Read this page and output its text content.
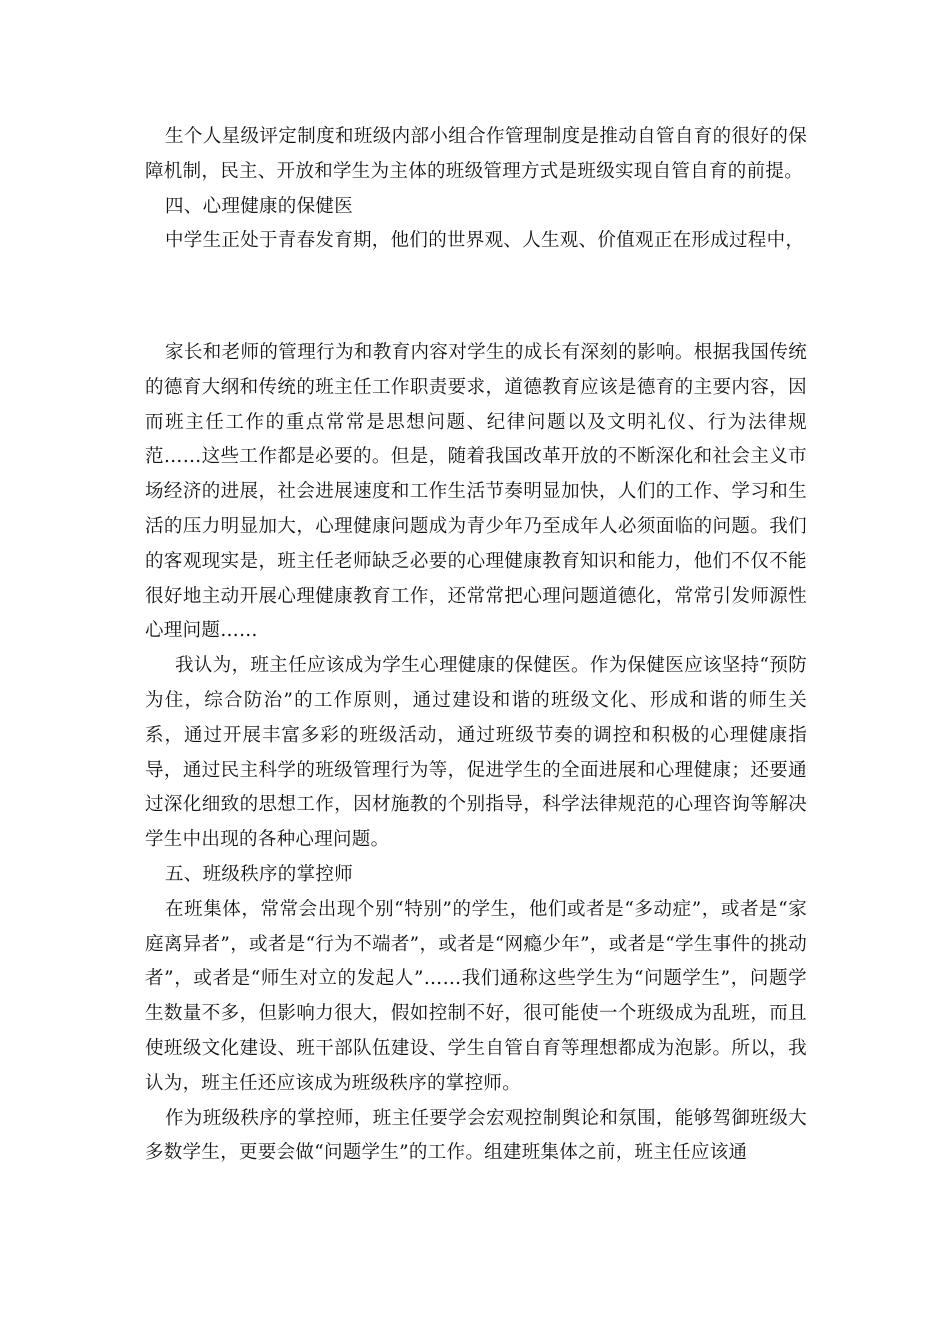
生个人星级评定制度和班级内部小组合作管理制度是推动自管自育的很好的保障机制，民主、开放和学生为主体的班级管理方式是班级实现自管自育的前提。

四、心理健康的保健医

中学生正处于青春发育期，他们的世界观、人生观、价值观正在形成过程中，

家长和老师的管理行为和教育内容对学生的成长有深刻的影响。根据我国传统的德育大纲和传统的班主任工作职责要求，道德教育应该是德育的主要内容，因而班主任工作的重点常常是思想问题、纪律问题以及文明礼仪、行为法律规范……这些工作都是必要的。但是，随着我国改革开放的不断深化和社会主义市场经济的进展，社会进展速度和工作生活节奏明显加快，人们的工作、学习和生活的压力明显加大，心理健康问题成为青少年乃至成年人必须面临的问题。我们的客观现实是，班主任老师缺乏必要的心理健康教育知识和能力，他们不仅不能很好地主动开展心理健康教育工作，还常常把心理问题道德化，常常引发师源性心理问题……

我认为，班主任应该成为学生心理健康的保健医。作为保健医应该坚持“预防为住，综合防治”的工作原则，通过建设和谐的班级文化、形成和谐的师生关系，通过开展丰富多彩的班级活动，通过班级节奏的调控和积极的心理健康指导，通过民主科学的班级管理行为等，促进学生的全面进展和心理健康；还要通过深化细致的思想工作，因材施教的个别指导，科学法律规范的心理咨询等解决学生中出现的各种心理问题。

五、班级秩序的掌控师

在班集体，常常会出现个别“特别”的学生，他们或者是“多动症”，或者是“家庭离异者”，或者是“行为不端者”，或者是“网瘾少年”，或者是“学生事件的挑动者”，或者是“师生对立的发起人”……我们通称这些学生为“问题学生”，问题学生数量不多，但影响力很大，假如控制不好，很可能使一个班级成为乱班，而且使班级文化建设、班干部队伍建设、学生自管自育等理想都成为泡影。所以，我认为，班主任还应该成为班级秩序的掌控师。

作为班级秩序的掌控师，班主任要学会宏观控制舆论和氛围，能够驾御班级大多数学生，更要会做“问题学生”的工作。组建班集体之前，班主任应该通
